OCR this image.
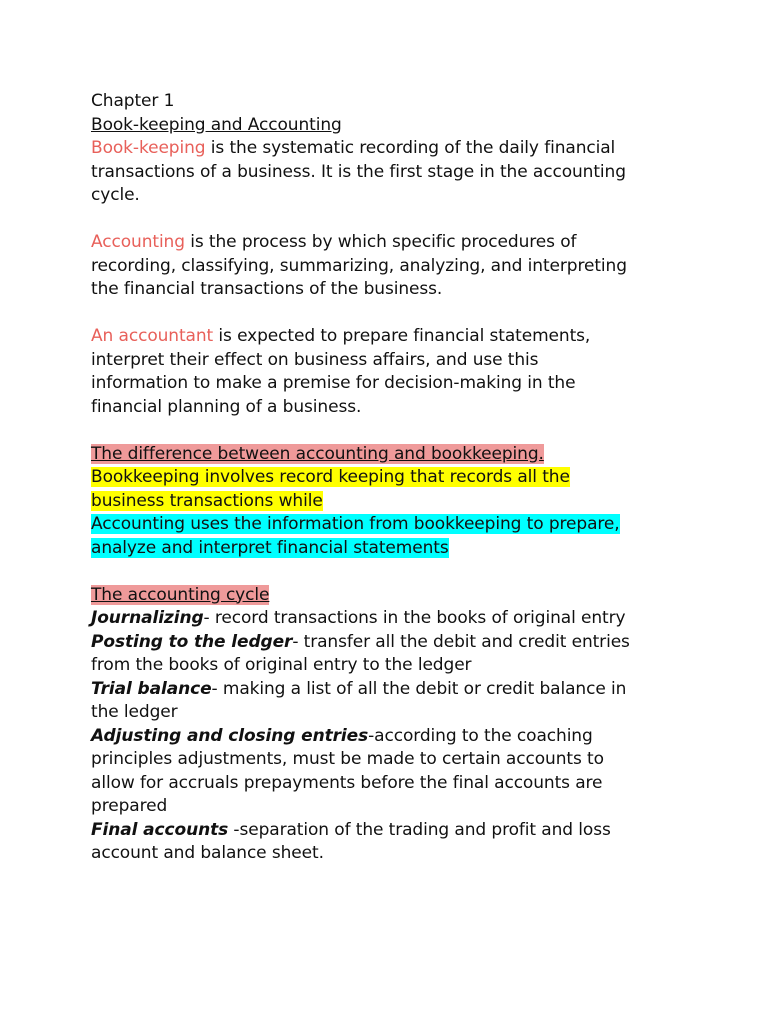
Chapter 1
Book-keeping and Accounting
Book-keeping is the systematic recording of the daily financial
transactions of a business. It is the first stage in the accounting
cycle.
Accounting is the process by which specific procedures of
recording, classifying, summarizing, analyzing, and interpreting
the financial transactions of the business.
An accountant is expected to prepare financial statements,
interpret their effect on business affairs, and use this
information to make a premise for decision-making in the
financial planning of a business.
The difference between accounting and bookkeeping.
Bookkeeping involves record keeping that records all the
business transactions while
Accounting uses the information from bookkeeping to prepare,
analyze and interpret financial statements
The accounting cycle
Journalizing- record transactions in the books of original entry
Posting to the ledger- transfer all the debit and credit entries
from the books of original entry to the ledger
Trial balance- making a list of all the debit or credit balance in
the ledger
Adjusting and closing entries-according to the coaching
principles adjustments, must be made to certain accounts to
allow for accruals prepayments before the final accounts are
prepared
Final accounts -separation of the trading and profit and loss
account and balance sheet.
